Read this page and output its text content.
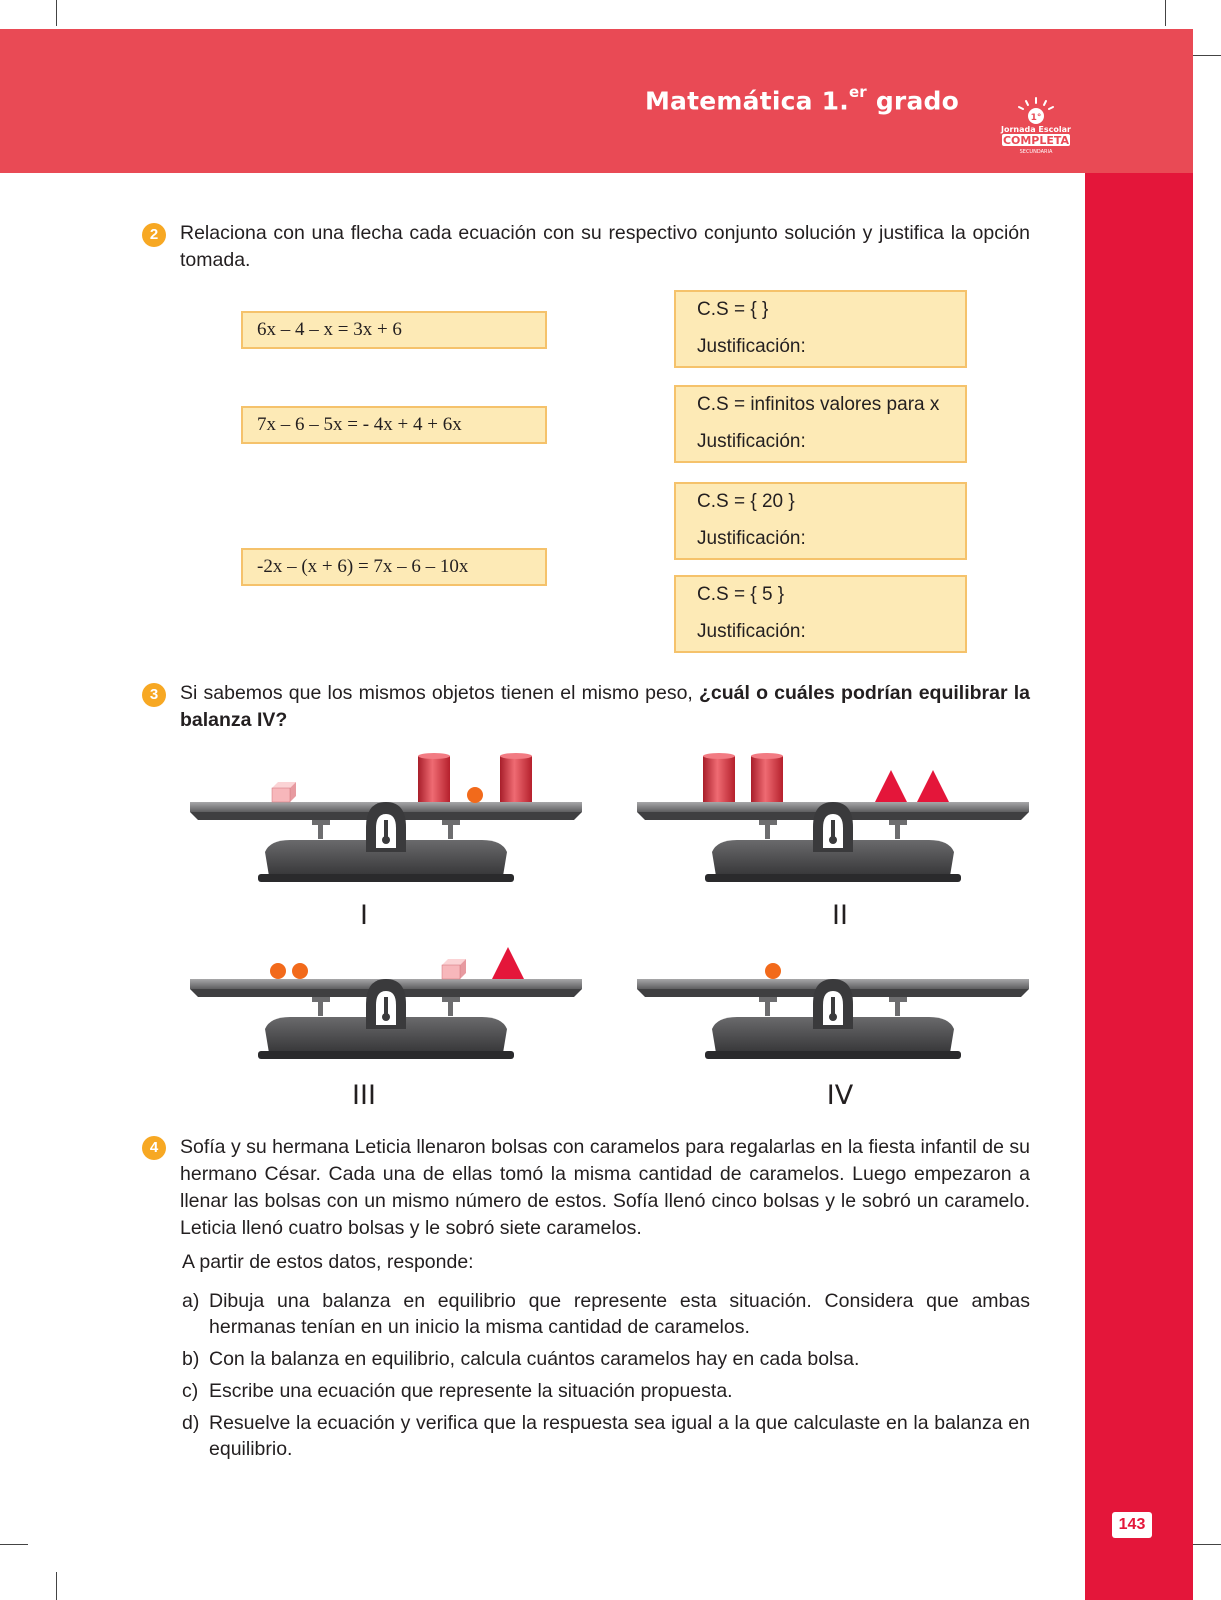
Matemática 1.$^{er}$ grado
1°
Jornada Escolar
COMPLETA
SECUNDARIA
143
2	Relaciona con una flecha cada ecuación con su respectivo conjunto solución y justifica la opción tomada.
6x – 4 – x = 3x + 6
7x – 6 – 5x = - 4x + 4 + 6x
-2x – (x + 6) = 7x – 6 – 10x
C.S = { }
Justificación:
C.S = infinitos valores para x
Justificación:
C.S = { 20 }
Justificación:
C.S = { 5 }
Justificación:
3	Si sabemos que los mismos objetos tienen el mismo peso, ¿cuál o cuáles podrían equilibrar la balanza IV?
I	II
III	IV
4	Sofía y su hermana Leticia llenaron bolsas con caramelos para regalarlas en la fiesta infantil de su hermano César. Cada una de ellas tomó la misma cantidad de caramelos. Luego empezaron a llenar las bolsas con un mismo número de estos. Sofía llenó cinco bolsas y le sobró un caramelo. Leticia llenó cuatro bolsas y le sobró siete caramelos.
A partir de estos datos, responde:
a) Dibuja una balanza en equilibrio que represente esta situación. Considera que ambas hermanas tenían en un inicio la misma cantidad de caramelos.
b) Con la balanza en equilibrio, calcula cuántos caramelos hay en cada bolsa.
c) Escribe una ecuación que represente la situación propuesta.
d) Resuelve la ecuación y verifica que la respuesta sea igual a la que calculaste en la balanza en equilibrio.
